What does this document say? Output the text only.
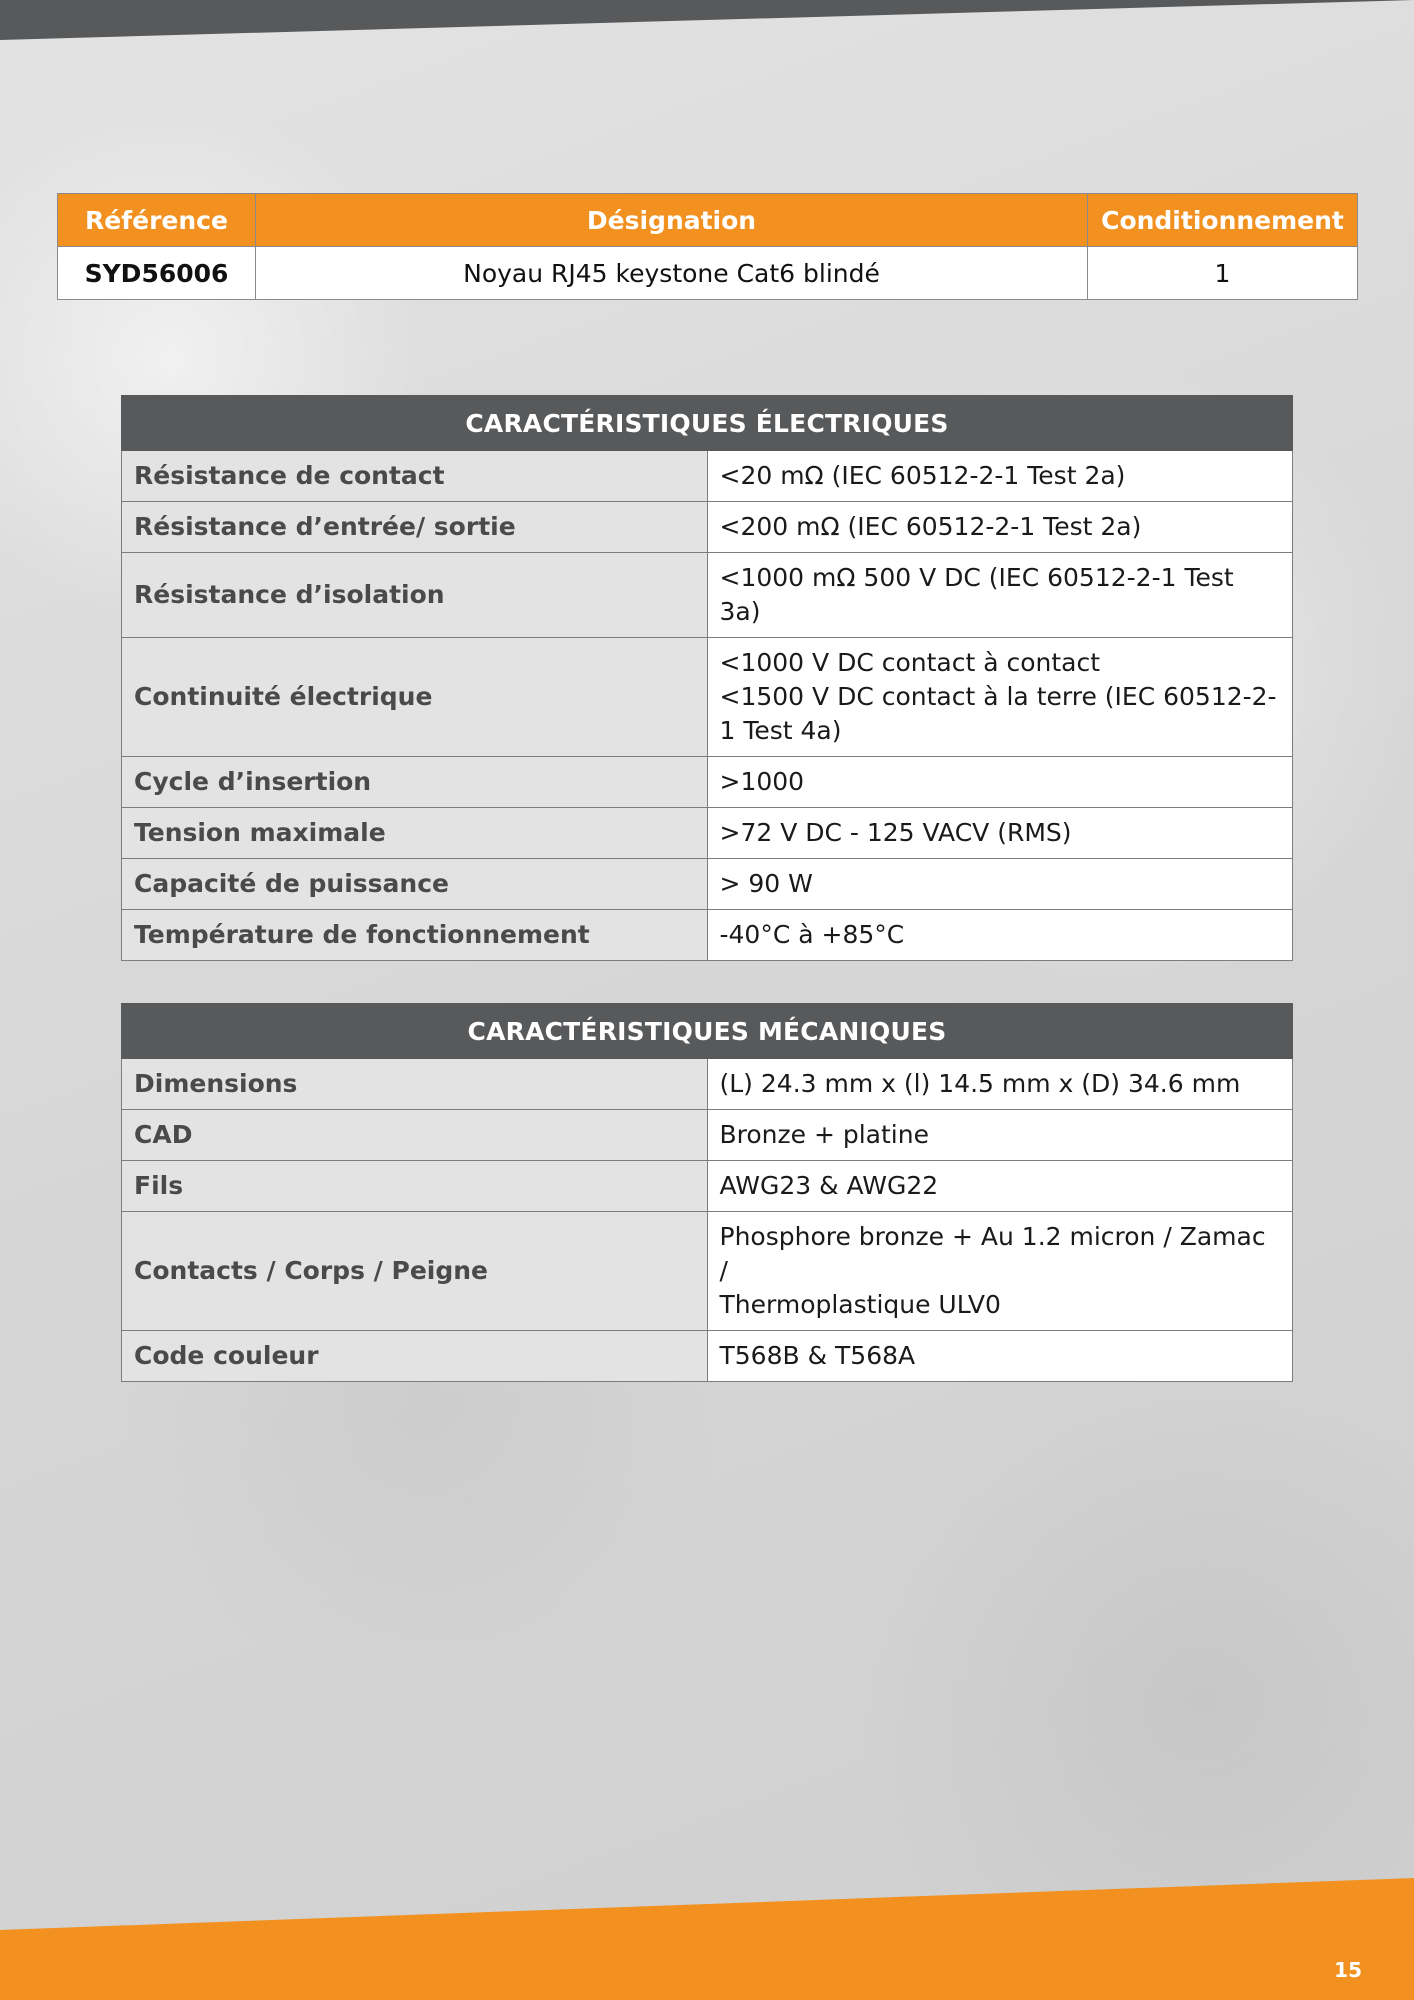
Référence	Désignation	Conditionnement
SYD56006	Noyau RJ45 keystone Cat6 blindé	1
CARACTÉRISTIQUES ÉLECTRIQUES	
Résistance de contact	<20 mΩ (IEC 60512-2-1 Test 2a)
Résistance d’entrée/ sortie	<200 mΩ (IEC 60512-2-1 Test 2a)
Résistance d’isolation	<1000 mΩ 500 V DC (IEC 60512-2-1 Test 3a)
Continuité électrique	<1000 V DC contact à contact
<1500 V DC contact à la terre (IEC 60512-2-1 Test 4a)

Cycle d’insertion	>1000
Tension maximale	>72 V DC - 125 VACV (RMS)
Capacité de puissance	> 90 W
Température de fonctionnement	-40°C à +85°C
CARACTÉRISTIQUES MÉCANIQUES	
Dimensions	(L) 24.3 mm x (l) 14.5 mm x (D) 34.6 mm
CAD	Bronze + platine
Fils	AWG23 & AWG22
Contacts / Corps / Peigne	Phosphore bronze + Au 1.2 micron / Zamac /
Thermoplastique ULV0

Code couleur	T568B & T568A
15
